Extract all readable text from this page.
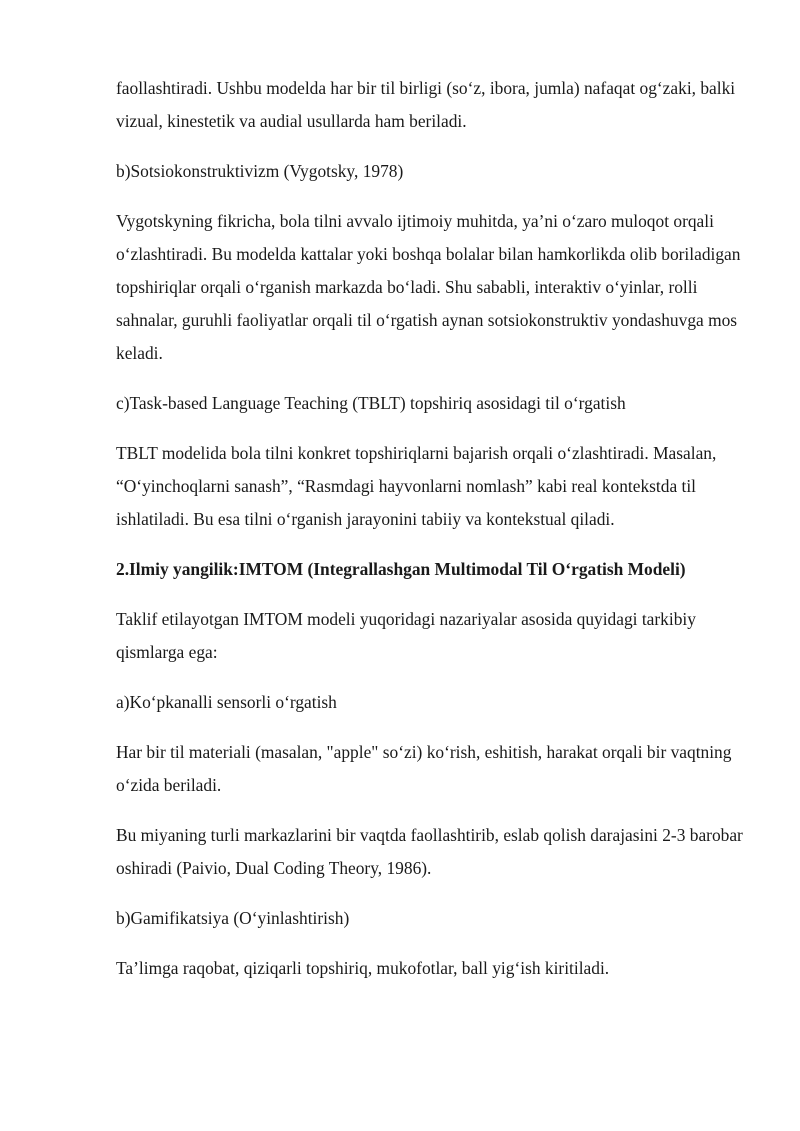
faollashtiradi. Ushbu modelda har bir til birligi (so‘z, ibora, jumla) nafaqat og‘zaki, balki vizual, kinestetik va audial usullarda ham beriladi.

b)Sotsiokonstruktivizm (Vygotsky, 1978)

Vygotskyning fikricha, bola tilni avvalo ijtimoiy muhitda, ya’ni o‘zaro muloqot orqali o‘zlashtiradi. Bu modelda kattalar yoki boshqa bolalar bilan hamkorlikda olib boriladigan topshiriqlar orqali o‘rganish markazda bo‘ladi. Shu sababli, interaktiv o‘yinlar, rolli sahnalar, guruhli faoliyatlar orqali til o‘rgatish aynan sotsiokonstruktiv yondashuvga mos keladi.

c)Task-based Language Teaching (TBLT) topshiriq asosidagi til o‘rgatish

TBLT modelida bola tilni konkret topshiriqlarni bajarish orqali o‘zlashtiradi. Masalan, “O‘yinchoqlarni sanash”, “Rasmdagi hayvonlarni nomlash” kabi real kontekstda til ishlatiladi. Bu esa tilni o‘rganish jarayonini tabiiy va kontekstual qiladi.

2.Ilmiy yangilik:IMTOM (Integrallashgan Multimodal Til O‘rgatish Modeli)

Taklif etilayotgan IMTOM modeli yuqoridagi nazariyalar asosida quyidagi tarkibiy qismlarga ega:

a)Ko‘pkanalli sensorli o‘rgatish

Har bir til materiali (masalan, "apple" so‘zi) ko‘rish, eshitish, harakat orqali bir vaqtning o‘zida beriladi.

Bu miyaning turli markazlarini bir vaqtda faollashtirib, eslab qolish darajasini 2-3 barobar oshiradi (Paivio, Dual Coding Theory, 1986).

b)Gamifikatsiya (O‘yinlashtirish)

Ta’limga raqobat, qiziqarli topshiriq, mukofotlar, ball yig‘ish kiritiladi.
